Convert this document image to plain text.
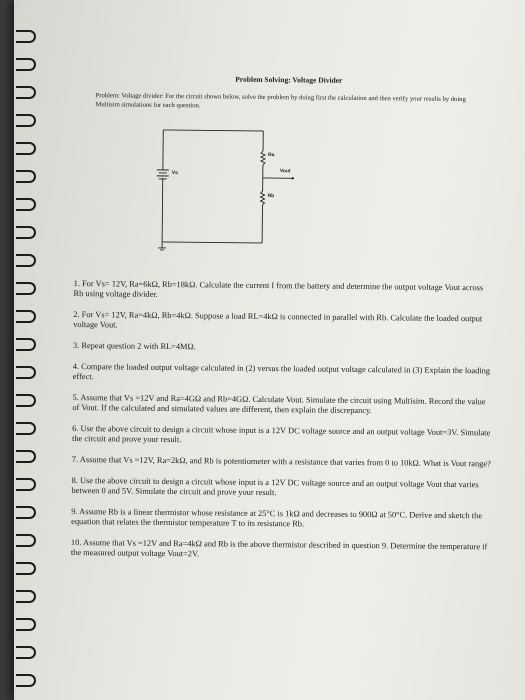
Problem Solving: Voltage Divider
Problem: Voltage divider: For the circuit shown below, solve the problem by doing first the calculation and then verify your results by doing Multisim simulations for each question.
Ra
Rb
Vs	Vout
1. For Vs= 12V, Ra=6kΩ, Rb=18kΩ. Calculate the current I from the battery and determine the output voltage Vout across Rb using voltage divider.
2. For Vs= 12V, Ra=4kΩ, Rb=4kΩ. Suppose a load RL=4kΩ is connected in parallel with Rb. Calculate the loaded output voltage Vout.
3. Repeat question 2 with RL=4MΩ.
4. Compare the loaded output voltage calculated in (2) versus the loaded output voltage calculated in (3) Explain the loading effect.
5. Assume that Vs =12V and Ra=4GΩ and Rb=4GΩ. Calculate Vout. Simulate the circuit using Multisim. Record the value of Vout. If the calculated and simulated values are different, then explain the discrepancy.
6. Use the above circuit to design a circuit whose input is a 12V DC voltage source and an output voltage Vout=3V. Simulate the circuit and prove your result.
7. Assume that Vs =12V, Ra=2kΩ, and Rb is potentiometer with a resistance that varies from 0 to 10kΩ. What is Vout range?
8. Use the above circuit to design a circuit whose input is a 12V DC voltage source and an output voltage Vout that varies between 0 and 5V. Simulate the circuit and prove your result.
9. Assume Rb is a linear thermistor whose resistance at 25°C is 1kΩ and decreases to 900Ω at 50°C. Derive and sketch the equation that relates the thermistor temperature T to its resistance Rb.
10. Assume that Vs =12V and Ra=4kΩ and Rb is the above thermistor described in question 9. Determine the temperature if the measured output voltage Vout=2V.
